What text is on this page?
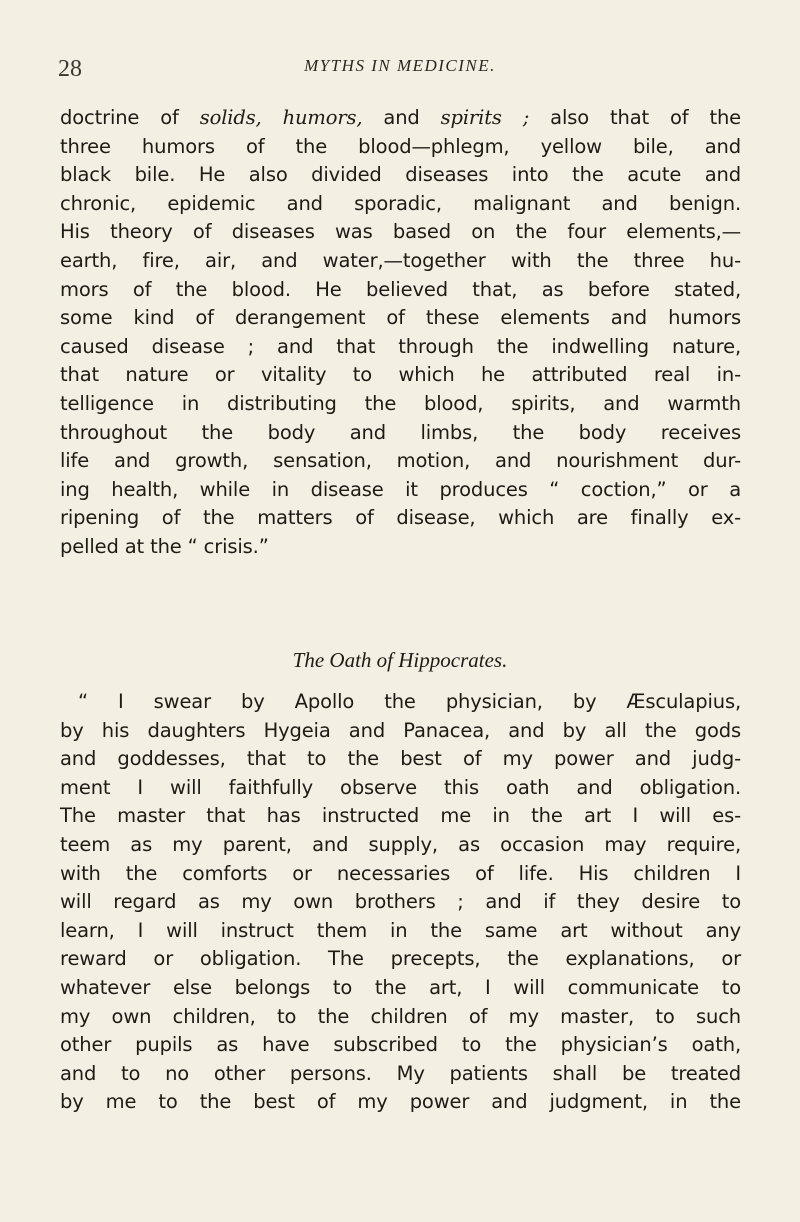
28	MYTHS IN MEDICINE.
doctrine of solids, humors, and spirits ; also that of the
three humors of the blood—phlegm, yellow bile, and
black bile. He also divided diseases into the acute and
chronic, epidemic and sporadic, malignant and benign.
His theory of diseases was based on the four elements,—
earth, fire, air, and water,—together with the three hu-
mors of the blood. He believed that, as before stated,
some kind of derangement of these elements and humors
caused disease ; and that through the indwelling nature,
that nature or vitality to which he attributed real in-
telligence in distributing the blood, spirits, and warmth
throughout the body and limbs, the body receives
life and growth, sensation, motion, and nourishment dur-
ing health, while in disease it produces “ coction,” or a
ripening of the matters of disease, which are finally ex-
pelled at the “ crisis.”
The Oath of Hippocrates.
“ I swear by Apollo the physician, by Æsculapius,
by his daughters Hygeia and Panacea, and by all the gods
and goddesses, that to the best of my power and judg-
ment I will faithfully observe this oath and obligation.
The master that has instructed me in the art I will es-
teem as my parent, and supply, as occasion may require,
with the comforts or necessaries of life. His children I
will regard as my own brothers ; and if they desire to
learn, I will instruct them in the same art without any
reward or obligation. The precepts, the explanations, or
whatever else belongs to the art, I will communicate to
my own children, to the children of my master, to such
other pupils as have subscribed to the physician’s oath,
and to no other persons. My patients shall be treated
by me to the best of my power and judgment, in the
